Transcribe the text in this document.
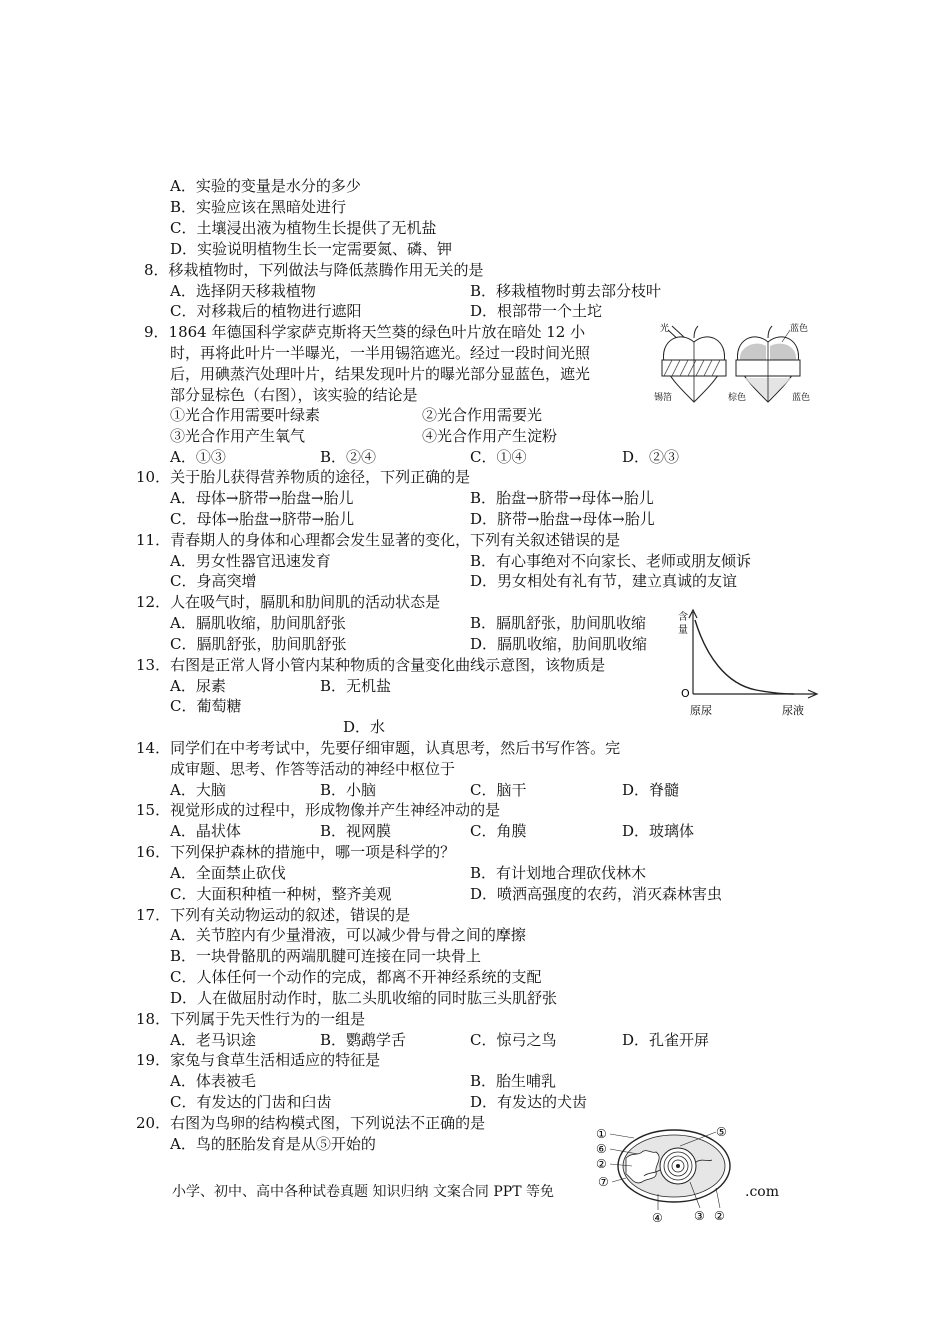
A．实验的变量是水分的多少
B．实验应该在黑暗处进行
C．土壤浸出液为植物生长提供了无机盐
D．实验说明植物生长一定需要氮、磷、钾
8．移栽植物时，下列做法与降低蒸腾作用无关的是
A．选择阴天移栽植物	B．移栽植物时剪去部分枝叶
C．对移栽后的植物进行遮阳	D．根部带一个土坨
9．1864 年德国科学家萨克斯将天竺葵的绿色叶片放在暗处 12 小
时，再将此叶片一半曝光，一半用锡箔遮光。经过一段时间光照
后，用碘蒸汽处理叶片，结果发现叶片的曝光部分显蓝色，遮光
部分显棕色（右图），该实验的结论是
①光合作用需要叶绿素	②光合作用需要光
③光合作用产生氧气	④光合作用产生淀粉
A．①③	B．②④	C．①④	D．②③
光
锡箔
蓝色
棕色	蓝色
10．关于胎儿获得营养物质的途径，下列正确的是
A．母体→脐带→胎盘→胎儿	B．胎盘→脐带→母体→胎儿
C．母体→胎盘→脐带→胎儿	D．脐带→胎盘→母体→胎儿
11．青春期人的身体和心理都会发生显著的变化，下列有关叙述错误的是
A．男女性器官迅速发育	B．有心事绝对不向家长、老师或朋友倾诉
C．身高突增	D．男女相处有礼有节，建立真诚的友谊
12．人在吸气时，膈肌和肋间肌的活动状态是
A．膈肌收缩，肋间肌舒张	B．膈肌舒张，肋间肌收缩
C．膈肌舒张，肋间肌舒张	D．膈肌收缩，肋间肌收缩
13．右图是正常人肾小管内某种物质的含量变化曲线示意图，该物质是
A．尿素	B．无机盐
C．葡萄糖
D．水
含
量
O
原尿	尿液
14．同学们在中考考试中，先要仔细审题，认真思考，然后书写作答。完
成审题、思考、作答等活动的神经中枢位于
A．大脑	B．小脑	C．脑干	D．脊髓
15．视觉形成的过程中，形成物像并产生神经冲动的是
A．晶状体	B．视网膜	C．角膜	D．玻璃体
16．下列保护森林的措施中，哪一项是科学的？
A．全面禁止砍伐	B．有计划地合理砍伐林木
C．大面积种植一种树，整齐美观	D．喷洒高强度的农药，消灭森林害虫
17．下列有关动物运动的叙述，错误的是
A．关节腔内有少量滑液，可以减少骨与骨之间的摩擦
B．一块骨骼肌的两端肌腱可连接在同一块骨上
C．人体任何一个动作的完成，都离不开神经系统的支配
D．人在做屈肘动作时，肱二头肌收缩的同时肱三头肌舒张
18．下列属于先天性行为的一组是
A．老马识途	B．鹦鹉学舌	C．惊弓之鸟	D．孔雀开屏
19．家兔与食草生活相适应的特征是
A．体表被毛	B．胎生哺乳
C．有发达的门齿和臼齿	D．有发达的犬齿
20．右图为鸟卵的结构模式图，下列说法不正确的是
A．鸟的胚胎发育是从⑤开始的
小学、初中、高中各种试卷真题 知识归纳 文案合同 PPT 等免	.com
①
⑥
②
⑤
⑦
④	③ ②
